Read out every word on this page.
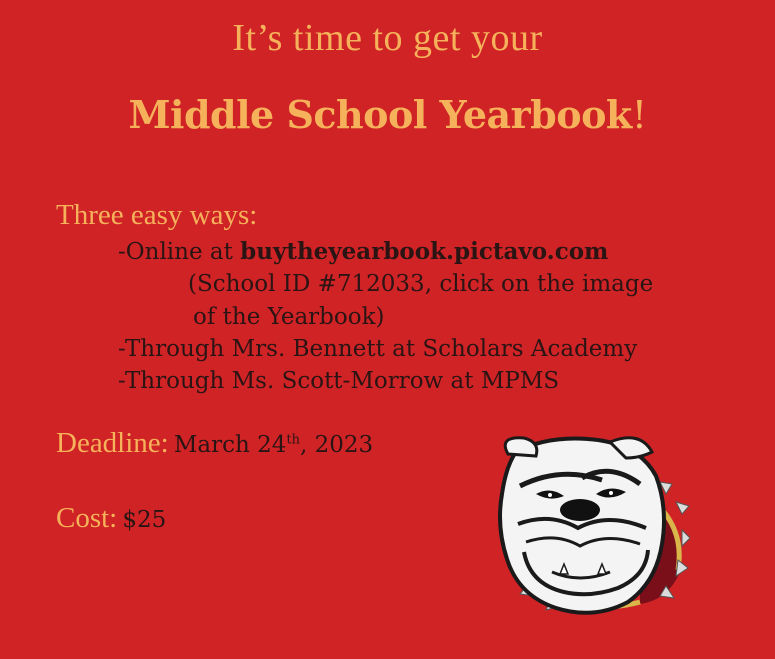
It’s time to get your
Middle School Yearbook!
Three easy ways:
-Online at buytheyearbook.pictavo.com
(School ID #712033, click on the image
of the Yearbook)
-Through Mrs. Bennett at Scholars Academy
-Through Ms. Scott-Morrow at MPMS
Deadline: March 24th, 2023
Cost: $25
